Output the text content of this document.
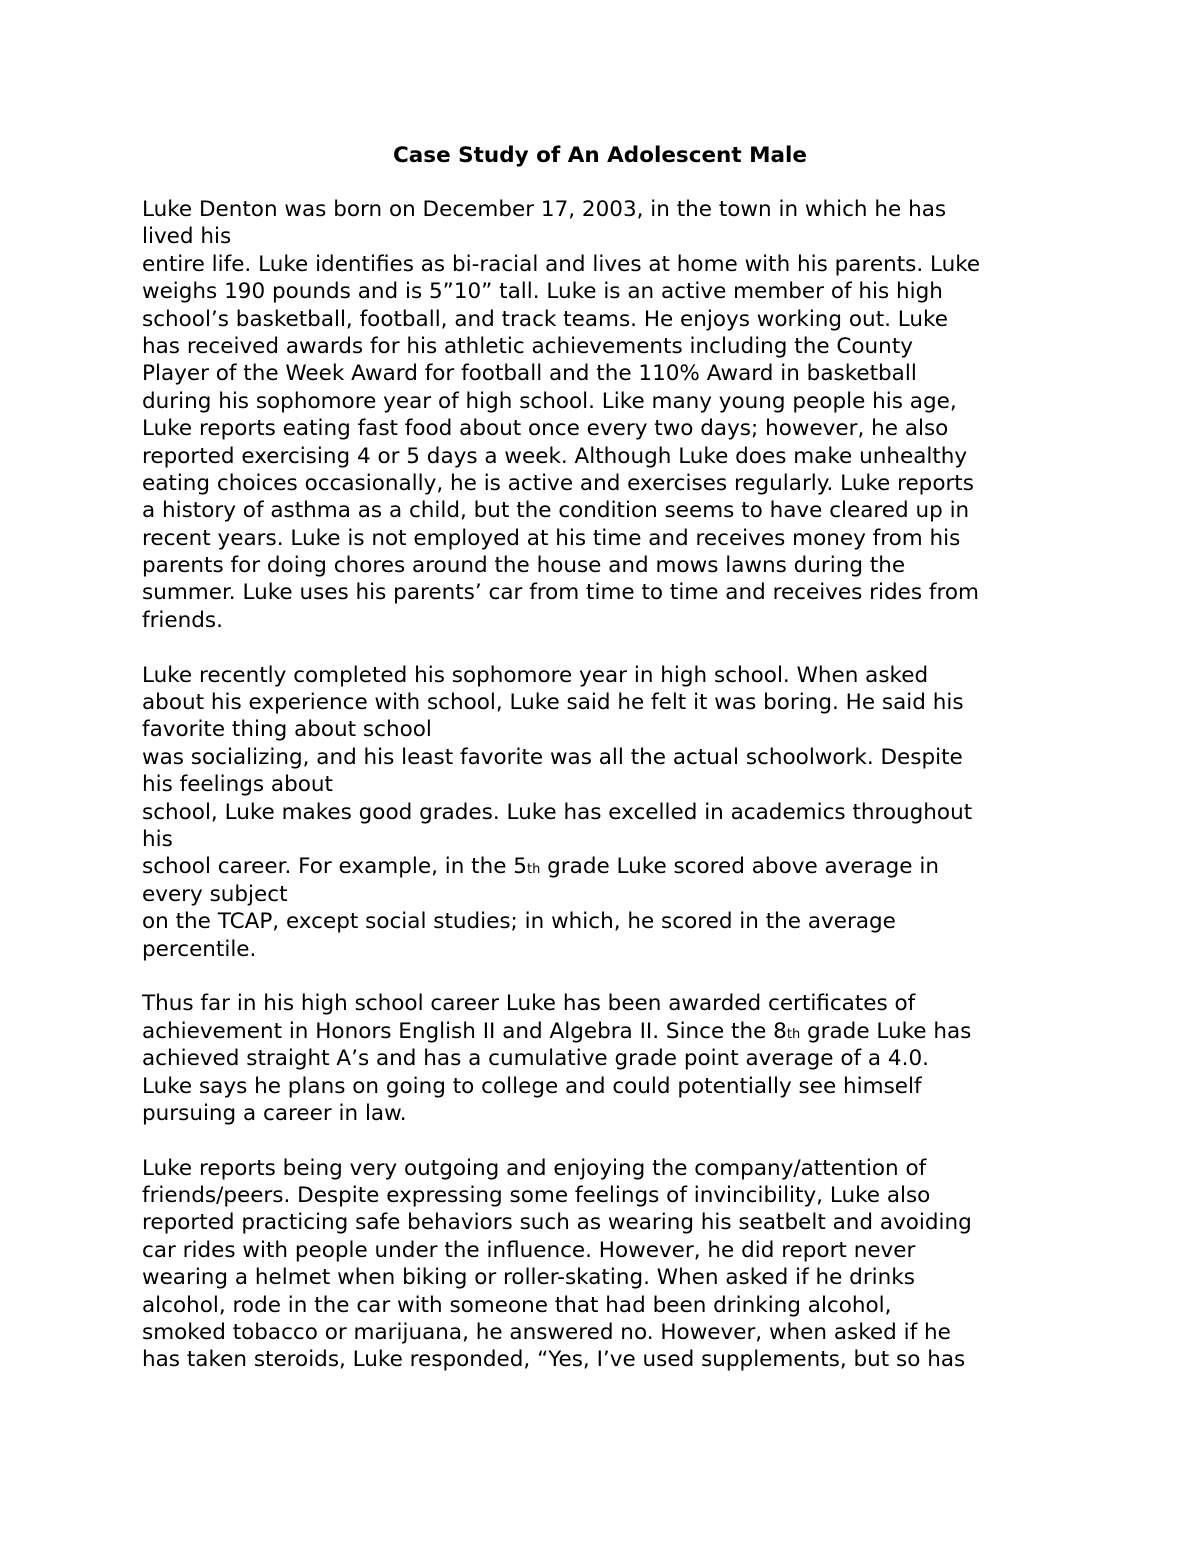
Case Study of An Adolescent Male
Luke Denton was born on December 17, 2003, in the town in which he has
lived his
entire life. Luke identifies as bi-racial and lives at home with his parents. Luke
weighs 190 pounds and is 5”10” tall. Luke is an active member of his high
school’s basketball, football, and track teams. He enjoys working out. Luke
has received awards for his athletic achievements including the County
Player of the Week Award for football and the 110% Award in basketball
during his sophomore year of high school. Like many young people his age,
Luke reports eating fast food about once every two days; however, he also
reported exercising 4 or 5 days a week. Although Luke does make unhealthy
eating choices occasionally, he is active and exercises regularly. Luke reports
a history of asthma as a child, but the condition seems to have cleared up in
recent years. Luke is not employed at his time and receives money from his
parents for doing chores around the house and mows lawns during the
summer. Luke uses his parents’ car from time to time and receives rides from
friends.
Luke recently completed his sophomore year in high school. When asked
about his experience with school, Luke said he felt it was boring. He said his
favorite thing about school
was socializing, and his least favorite was all the actual schoolwork. Despite
his feelings about
school, Luke makes good grades. Luke has excelled in academics throughout
his
school career. For example, in the 5th grade Luke scored above average in
every subject
on the TCAP, except social studies; in which, he scored in the average
percentile.
Thus far in his high school career Luke has been awarded certificates of
achievement in Honors English II and Algebra II. Since the 8th grade Luke has
achieved straight A’s and has a cumulative grade point average of a 4.0.
Luke says he plans on going to college and could potentially see himself
pursuing a career in law.
Luke reports being very outgoing and enjoying the company/attention of
friends/peers. Despite expressing some feelings of invincibility, Luke also
reported practicing safe behaviors such as wearing his seatbelt and avoiding
car rides with people under the influence. However, he did report never
wearing a helmet when biking or roller-skating. When asked if he drinks
alcohol, rode in the car with someone that had been drinking alcohol,
smoked tobacco or marijuana, he answered no. However, when asked if he
has taken steroids, Luke responded, “Yes, I’ve used supplements, but so has
